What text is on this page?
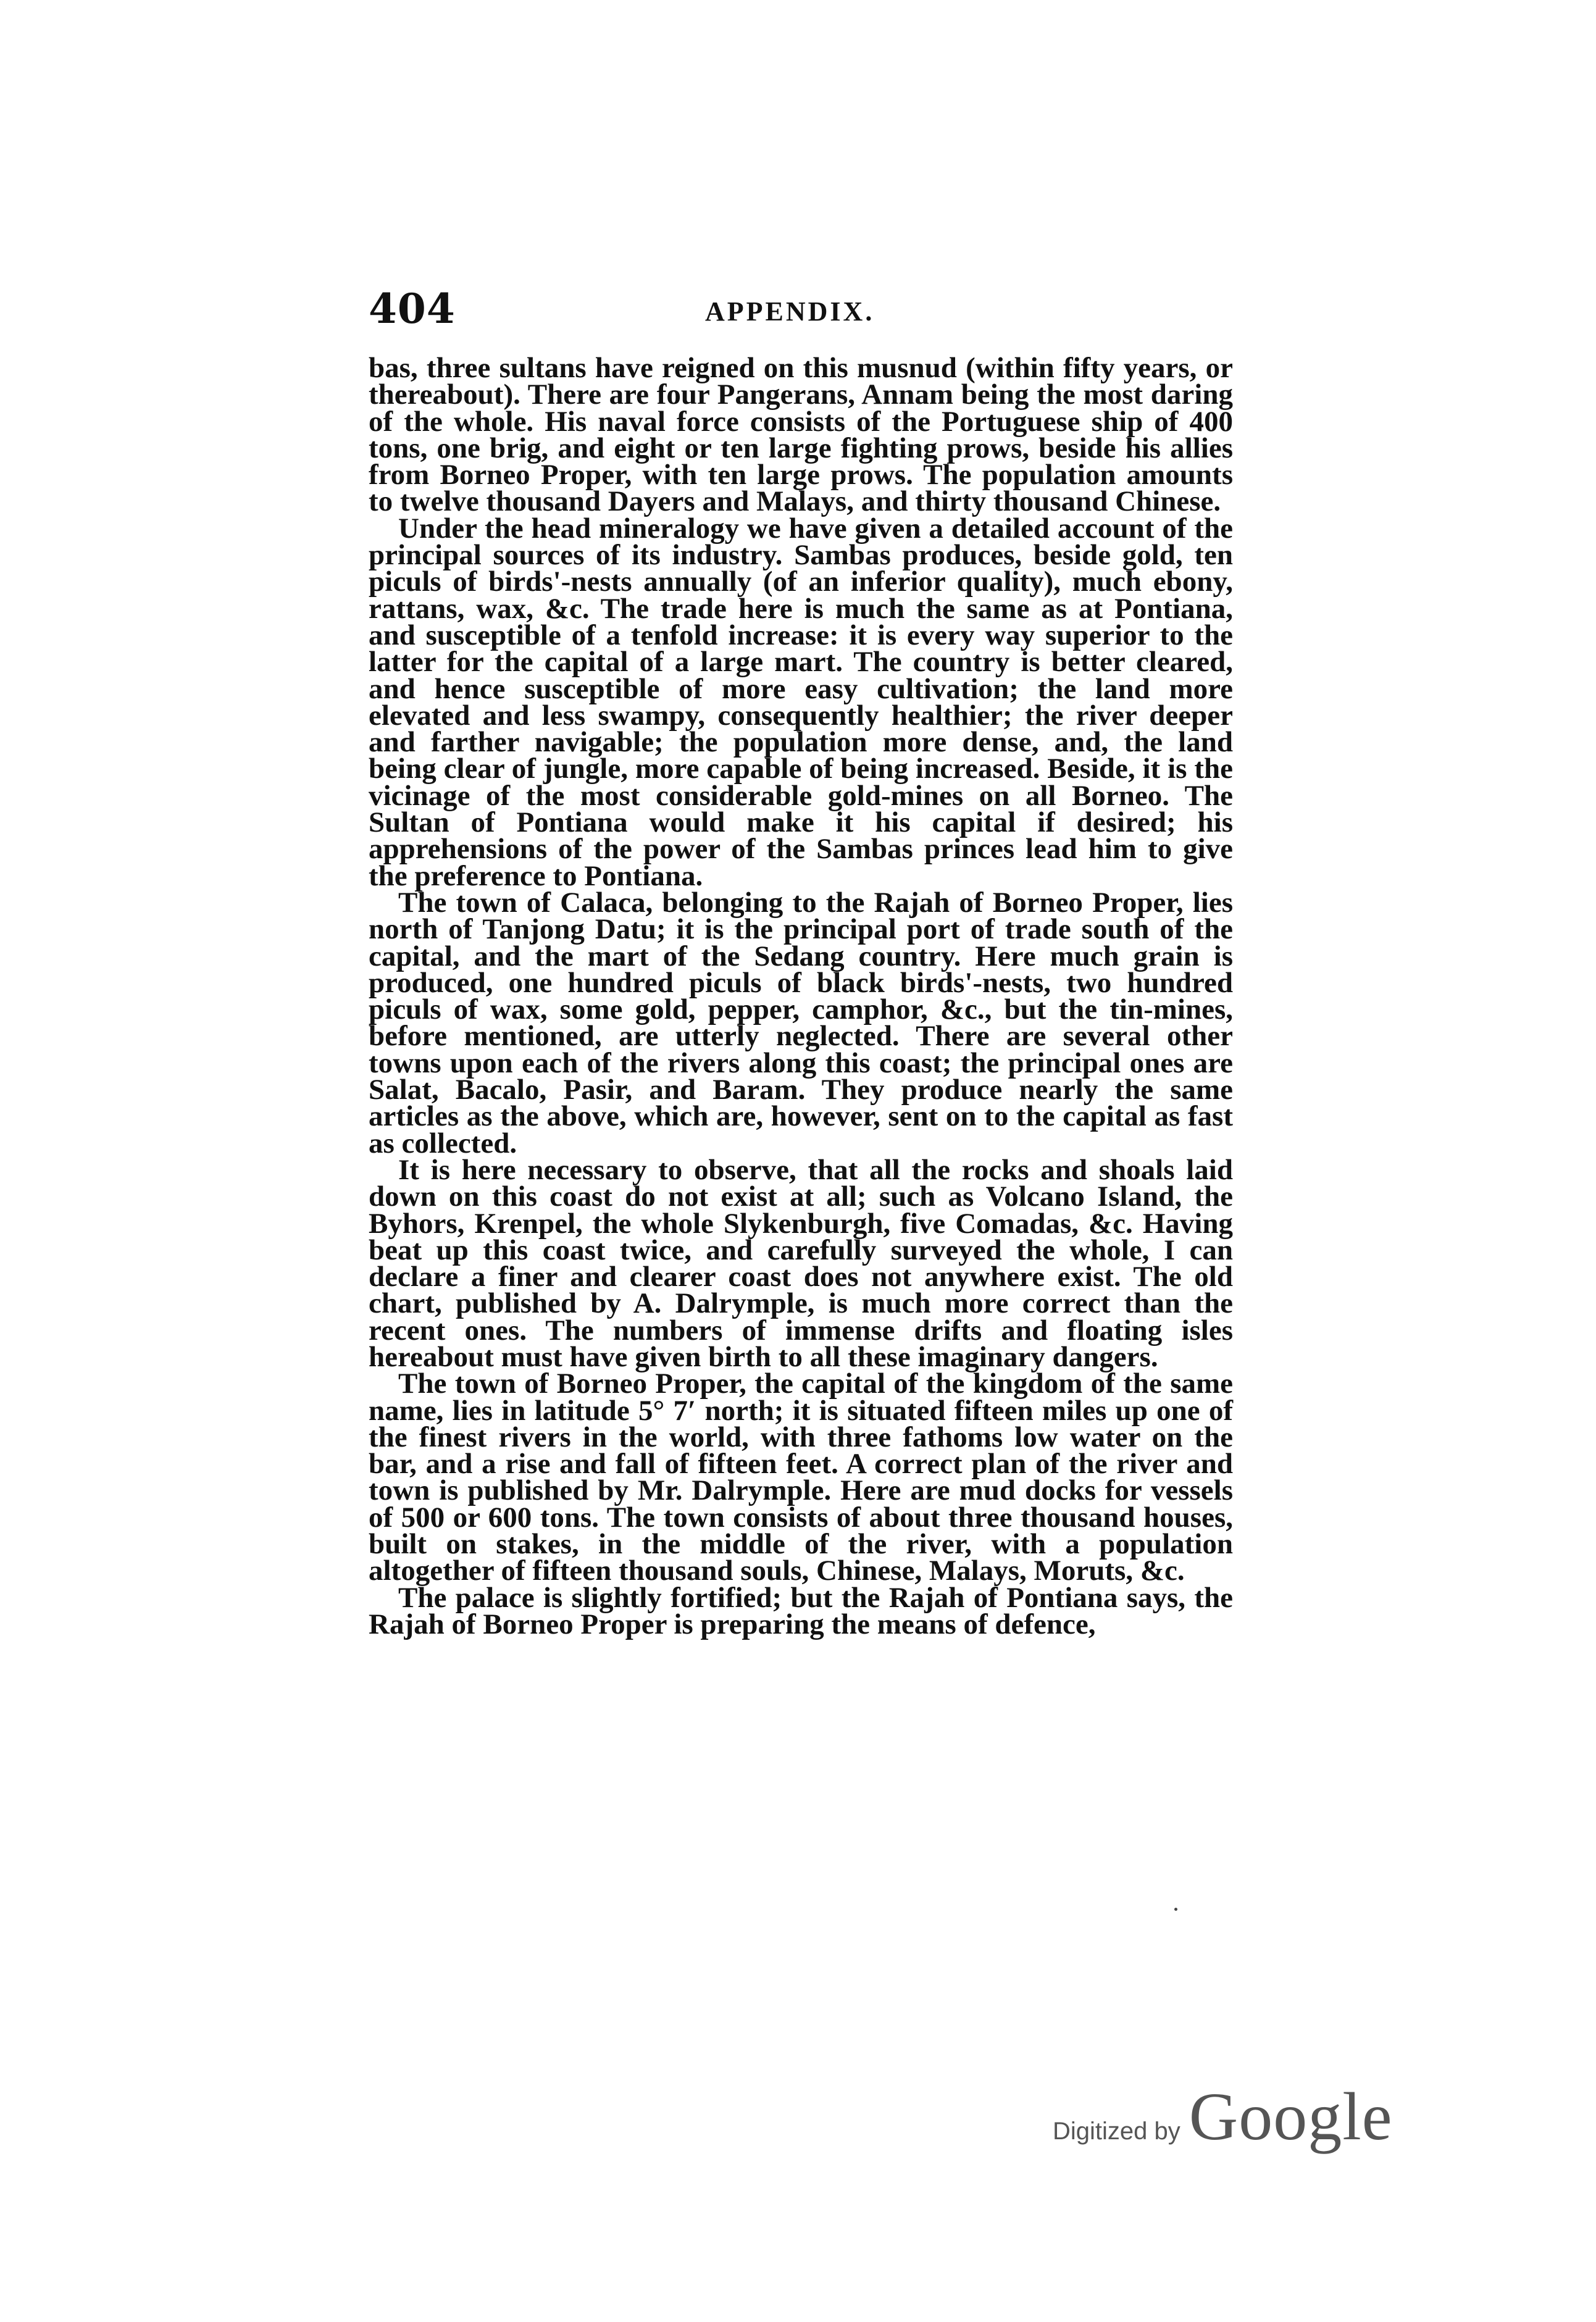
404	APPENDIX.

bas, three sultans have reigned on this musnud (within fifty years, or thereabout). There are four Pangerans, Annam being the most daring of the whole. His naval force consists of the Portuguese ship of 400 tons, one brig, and eight or ten large fighting prows, beside his allies from Borneo Proper, with ten large prows. The population amounts to twelve thousand Dayers and Malays, and thirty thousand Chinese.

Under the head mineralogy we have given a detailed account of the principal sources of its industry. Sambas produces, beside gold, ten piculs of birds'-nests annually (of an inferior quality), much ebony, rattans, wax, &c. The trade here is much the same as at Pontiana, and susceptible of a tenfold increase: it is every way superior to the latter for the capital of a large mart. The country is better cleared, and hence susceptible of more easy cultivation; the land more elevated and less swampy, consequently healthier; the river deeper and farther navigable; the population more dense, and, the land being clear of jungle, more capable of being increased. Beside, it is the vicinage of the most considerable gold-mines on all Borneo. The Sultan of Pontiana would make it his capital if desired; his apprehensions of the power of the Sambas princes lead him to give the preference to Pontiana.

The town of Calaca, belonging to the Rajah of Borneo Proper, lies north of Tanjong Datu; it is the principal port of trade south of the capital, and the mart of the Sedang country. Here much grain is produced, one hundred piculs of black birds'-nests, two hundred piculs of wax, some gold, pepper, camphor, &c., but the tin-mines, before mentioned, are utterly neglected. There are several other towns upon each of the rivers along this coast; the principal ones are Salat, Bacalo, Pasir, and Baram. They produce nearly the same articles as the above, which are, however, sent on to the capital as fast as collected.

It is here necessary to observe, that all the rocks and shoals laid down on this coast do not exist at all; such as Volcano Island, the Byhors, Krenpel, the whole Slykenburgh, five Comadas, &c. Having beat up this coast twice, and carefully surveyed the whole, I can declare a finer and clearer coast does not anywhere exist. The old chart, published by A. Dalrymple, is much more correct than the recent ones. The numbers of immense drifts and floating isles hereabout must have given birth to all these imaginary dangers.

The town of Borneo Proper, the capital of the kingdom of the same name, lies in latitude 5° 7′ north; it is situated fifteen miles up one of the finest rivers in the world, with three fathoms low water on the bar, and a rise and fall of fifteen feet. A correct plan of the river and town is published by Mr. Dalrymple. Here are mud docks for vessels of 500 or 600 tons. The town consists of about three thousand houses, built on stakes, in the middle of the river, with a population altogether of fifteen thousand souls, Chinese, Malays, Moruts, &c.

The palace is slightly fortified; but the Rajah of Pontiana says, the Rajah of Borneo Proper is preparing the means of defence,

Digitized by Google
